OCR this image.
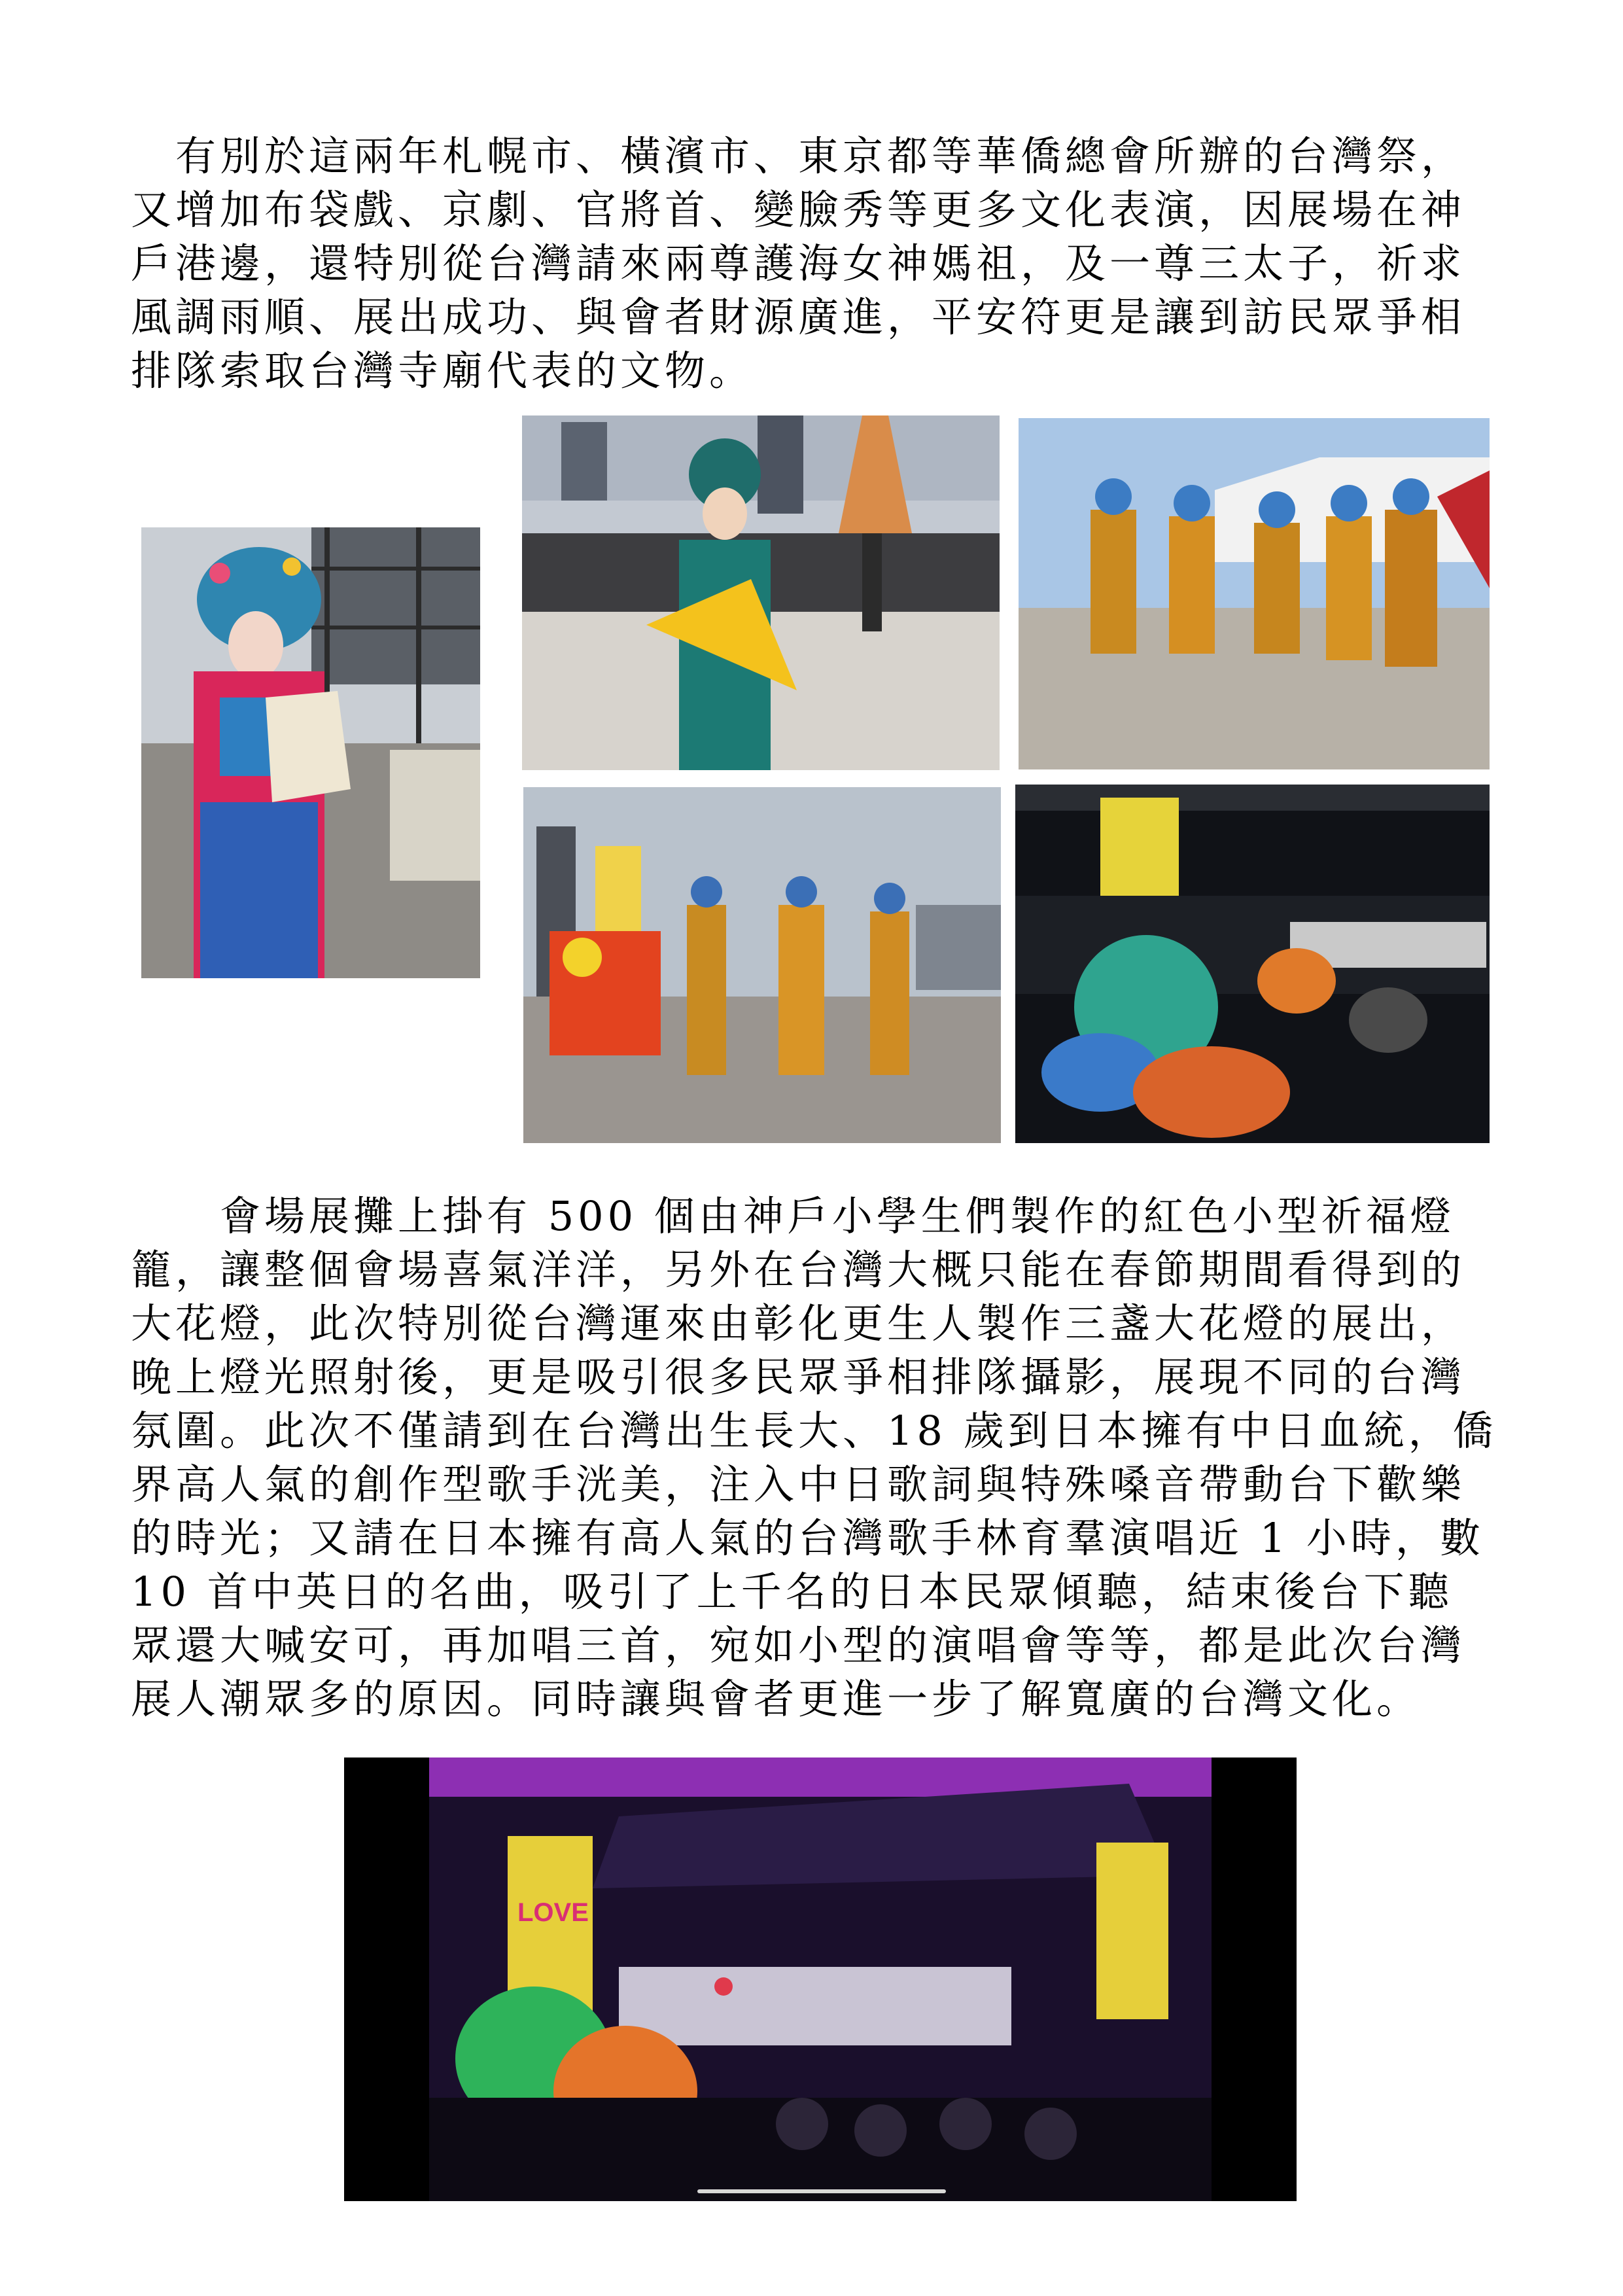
　有別於這兩年札幌市、橫濱市、東京都等華僑總會所辦的台灣祭，
又增加布袋戲、京劇、官將首、變臉秀等更多文化表演，因展場在神
戶港邊，還特別從台灣請來兩尊護海女神媽祖，及一尊三太子，祈求
風調雨順、展出成功、與會者財源廣進，平安符更是讓到訪民眾爭相
排隊索取台灣寺廟代表的文物。
　　會場展攤上掛有 500 個由神戶小學生們製作的紅色小型祈福燈
籠，讓整個會場喜氣洋洋，另外在台灣大概只能在春節期間看得到的
大花燈，此次特別從台灣運來由彰化更生人製作三盞大花燈的展出，
晚上燈光照射後，更是吸引很多民眾爭相排隊攝影，展現不同的台灣
氛圍。此次不僅請到在台灣出生長大、18 歲到日本擁有中日血統，僑
界高人氣的創作型歌手洸美，注入中日歌詞與特殊嗓音帶動台下歡樂
的時光；又請在日本擁有高人氣的台灣歌手林育羣演唱近 1 小時，數
10 首中英日的名曲，吸引了上千名的日本民眾傾聽，結束後台下聽
眾還大喊安可，再加唱三首，宛如小型的演唱會等等，都是此次台灣
展人潮眾多的原因。同時讓與會者更進一步了解寬廣的台灣文化。
LOVE
